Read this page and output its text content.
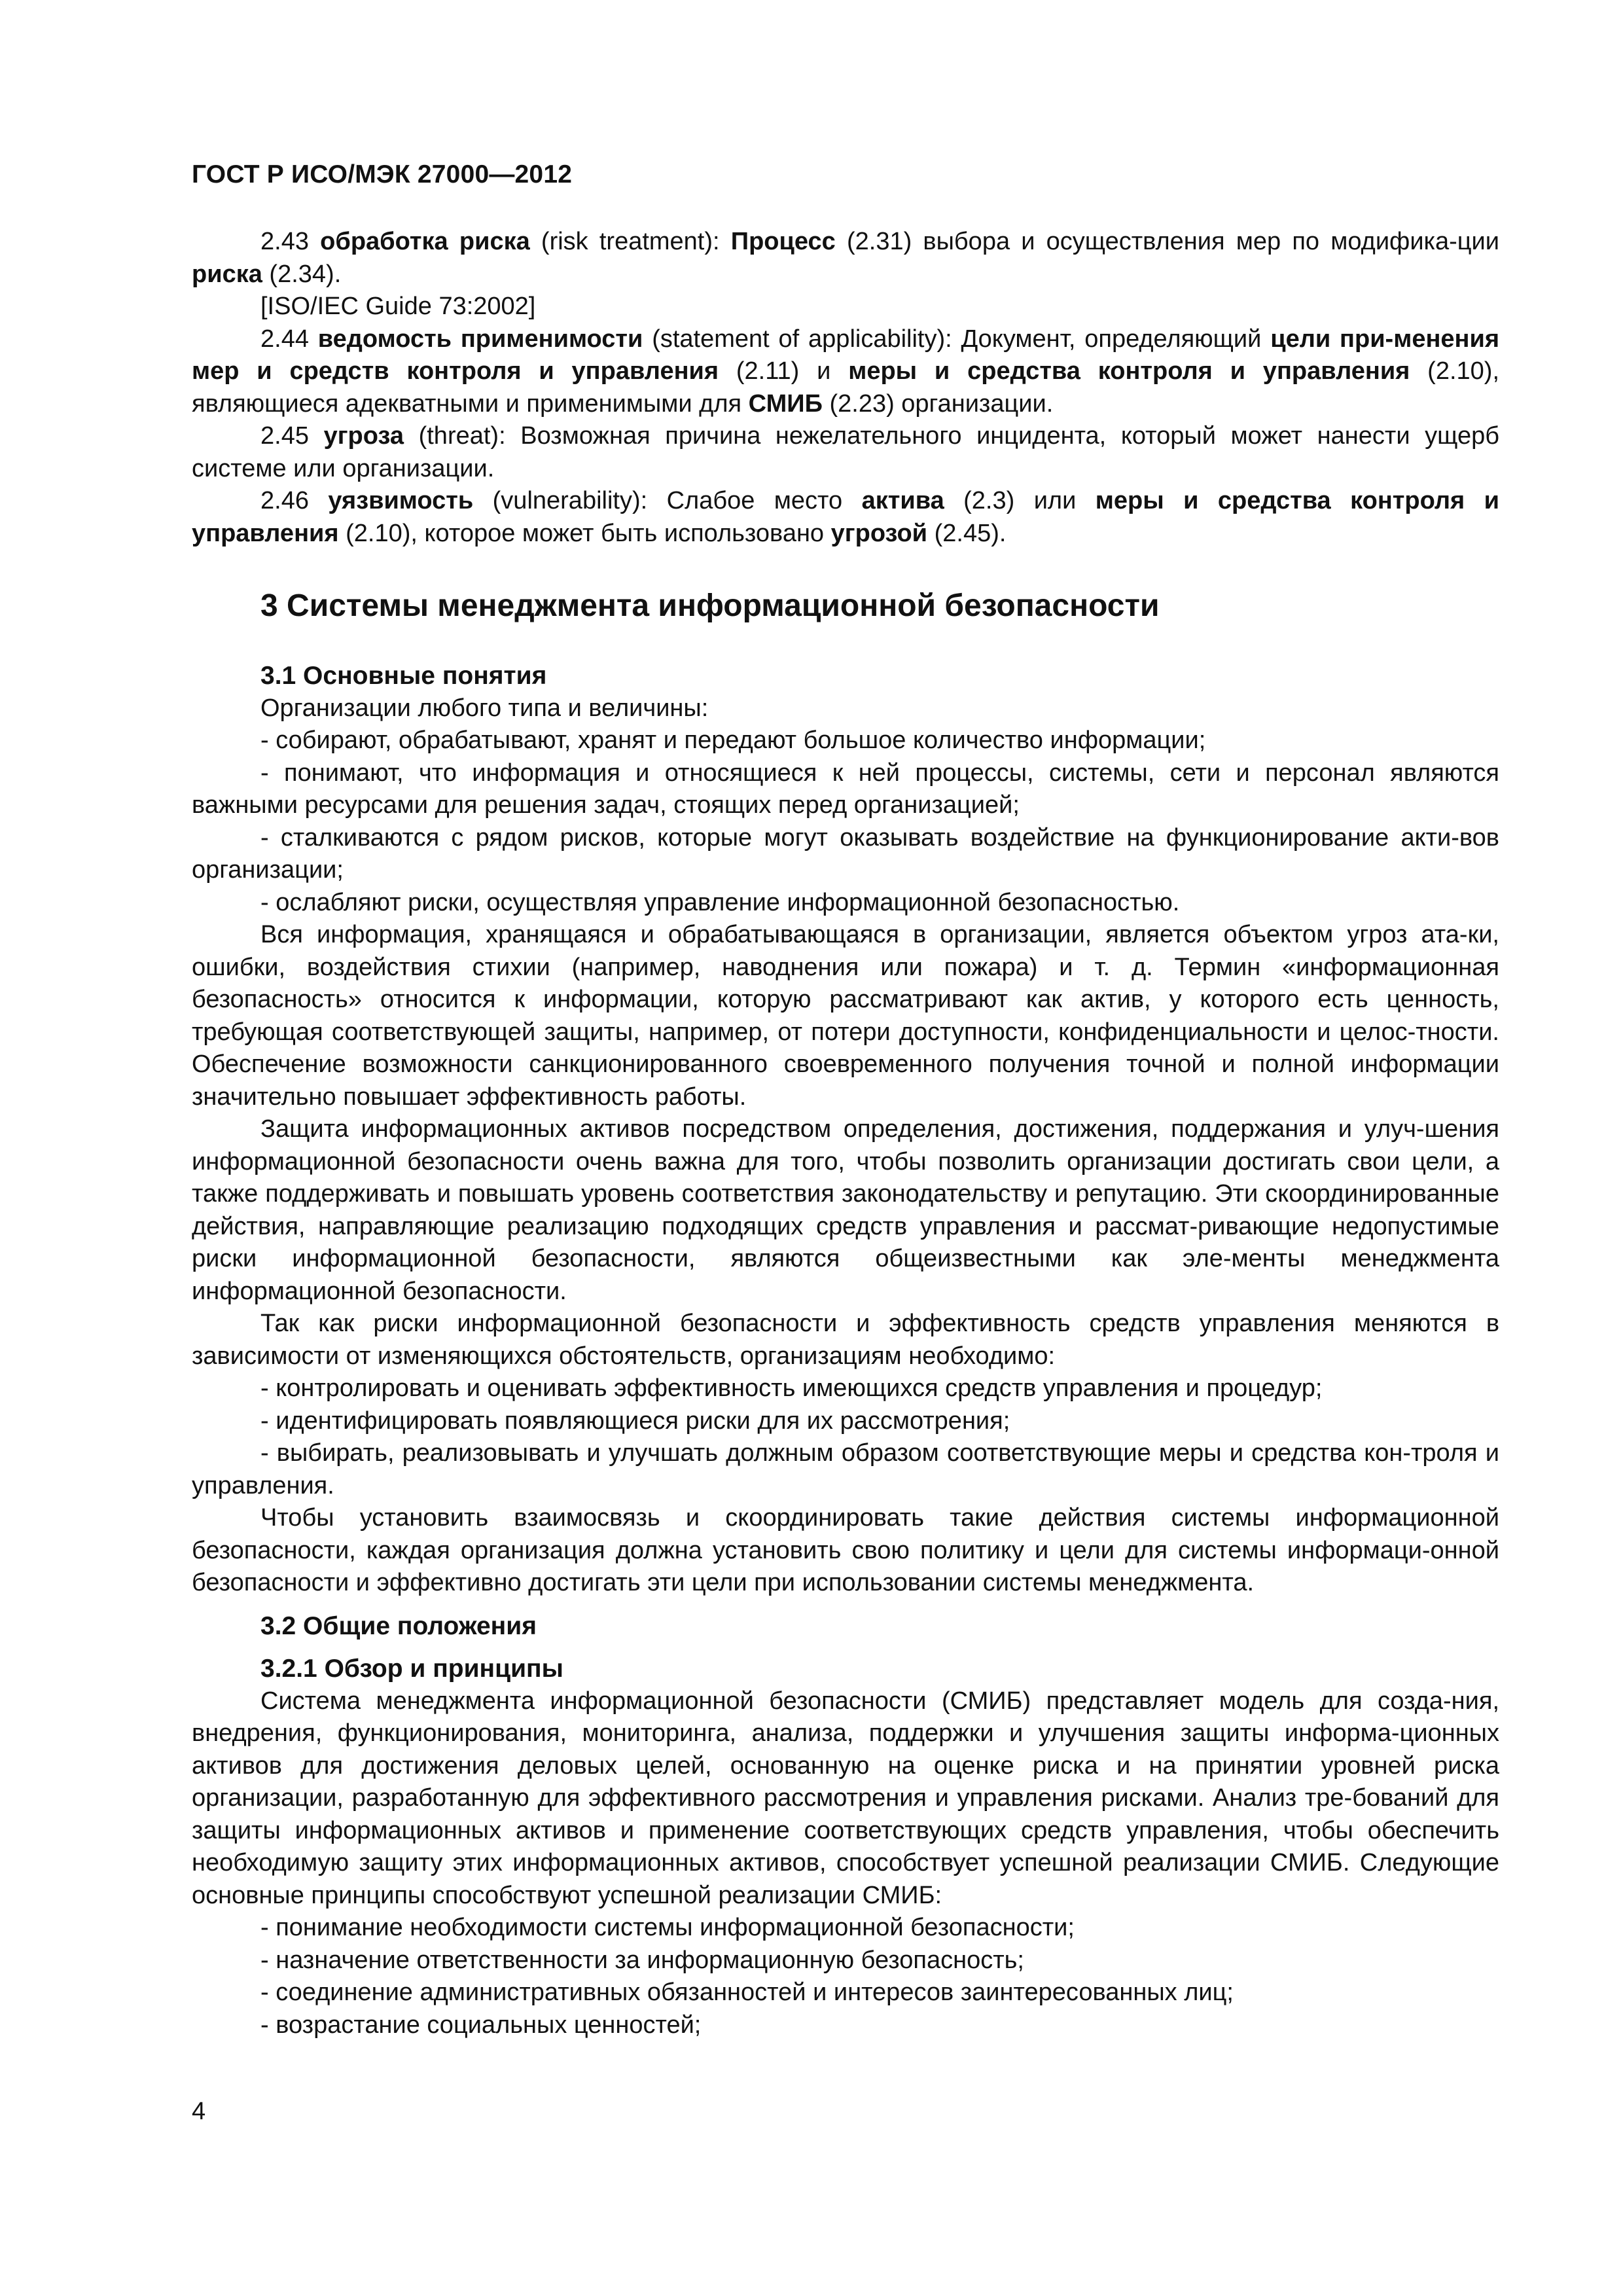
ГОСТ Р ИСО/МЭК 27000—2012

2.43 обработка риска (risk treatment): Процесс (2.31) выбора и осуществления мер по модифика-ции риска (2.34).

[ISO/IEC Guide 73:2002]

2.44 ведомость применимости (statement of applicability): Документ, определяющий цели при-менения мер и средств контроля и управления (2.11) и меры и средства контроля и управления (2.10), являющиеся адекватными и применимыми для СМИБ (2.23) организации.

2.45 угроза (threat): Возможная причина нежелательного инцидента, который может нанести ущерб системе или организации.

2.46 уязвимость (vulnerability): Слабое место актива (2.3) или меры и средства контроля и управления (2.10), которое может быть использовано угрозой (2.45).

3 Системы менеджмента информационной безопасности
3.1 Основные понятия

Организации любого типа и величины:

- собирают, обрабатывают, хранят и передают большое количество информации;

- понимают, что информация и относящиеся к ней процессы, системы, сети и персонал являются важными ресурсами для решения задач, стоящих перед организацией;

- сталкиваются с рядом рисков, которые могут оказывать воздействие на функционирование акти-вов организации;

- ослабляют риски, осуществляя управление информационной безопасностью.

Вся информация, хранящаяся и обрабатывающаяся в организации, является объектом угроз ата-ки, ошибки, воздействия стихии (например, наводнения или пожара) и т. д. Термин «информационная безопасность» относится к информации, которую рассматривают как актив, у которого есть ценность, требующая соответствующей защиты, например, от потери доступности, конфиденциальности и целос-тности. Обеспечение возможности санкционированного своевременного получения точной и полной информации значительно повышает эффективность работы.

Защита информационных активов посредством определения, достижения, поддержания и улуч-шения информационной безопасности очень важна для того, чтобы позволить организации достигать свои цели, а также поддерживать и повышать уровень соответствия законодательству и репутацию. Эти скоординированные действия, направляющие реализацию подходящих средств управления и рассмат-ривающие недопустимые риски информационной безопасности, являются общеизвестными как эле-менты менеджмента информационной безопасности.

Так как риски информационной безопасности и эффективность средств управления меняются в зависимости от изменяющихся обстоятельств, организациям необходимо:

- контролировать и оценивать эффективность имеющихся средств управления и процедур;

- идентифицировать появляющиеся риски для их рассмотрения;

- выбирать, реализовывать и улучшать должным образом соответствующие меры и средства кон-троля и управления.

Чтобы установить взаимосвязь и скоординировать такие действия системы информационной безопасности, каждая организация должна установить свою политику и цели для системы информаци-онной безопасности и эффективно достигать эти цели при использовании системы менеджмента.

3.2 Общие положения
3.2.1 Обзор и принципы

Система менеджмента информационной безопасности (СМИБ) представляет модель для созда-ния, внедрения, функционирования, мониторинга, анализа, поддержки и улучшения защиты информа-ционных активов для достижения деловых целей, основанную на оценке риска и на принятии уровней риска организации, разработанную для эффективного рассмотрения и управления рисками. Анализ тре-бований для защиты информационных активов и применение соответствующих средств управления, чтобы обеспечить необходимую защиту этих информационных активов, способствует успешной реализации СМИБ. Следующие основные принципы способствуют успешной реализации СМИБ:

- понимание необходимости системы информационной безопасности;

- назначение ответственности за информационную безопасность;

- соединение административных обязанностей и интересов заинтересованных лиц;

- возрастание социальных ценностей;

4
